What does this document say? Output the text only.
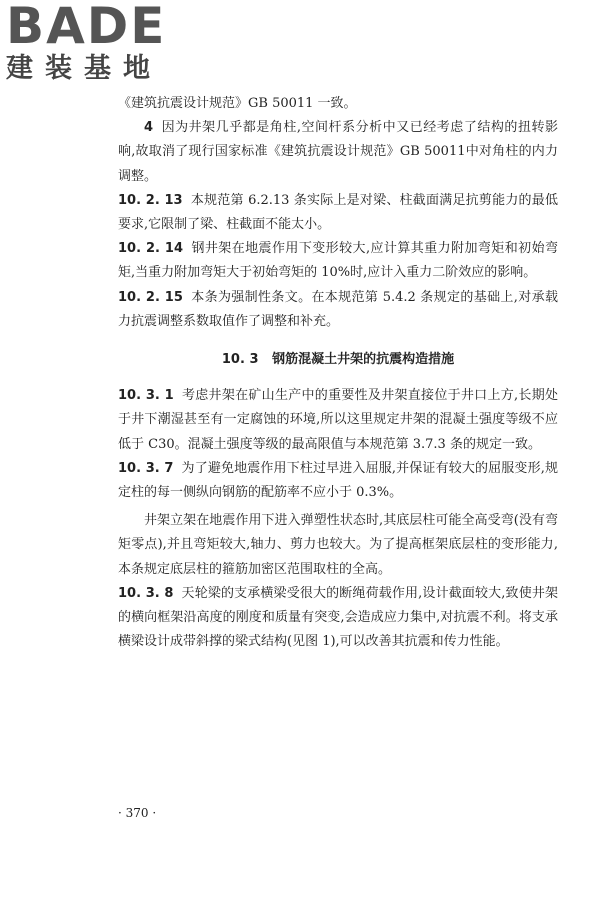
BADE
建装基地

《建筑抗震设计规范》GB 50011 一致。

4 因为井架几乎都是角柱,空间杆系分析中又已经考虑了结构的扭转影响,故取消了现行国家标准《建筑抗震设计规范》GB 50011中对角柱的内力调整。

10. 2. 13 本规范第 6.2.13 条实际上是对梁、柱截面满足抗剪能力的最低要求,它限制了梁、柱截面不能太小。

10. 2. 14 钢井架在地震作用下变形较大,应计算其重力附加弯矩和初始弯矩,当重力附加弯矩大于初始弯矩的 10%时,应计入重力二阶效应的影响。

10. 2. 15 本条为强制性条文。在本规范第 5.4.2 条规定的基础上,对承载力抗震调整系数取值作了调整和补充。

10. 3 钢筋混凝土井架的抗震构造措施

10. 3. 1 考虑井架在矿山生产中的重要性及井架直接位于井口上方,长期处于井下潮湿甚至有一定腐蚀的环境,所以这里规定井架的混凝土强度等级不应低于 C30。混凝土强度等级的最高限值与本规范第 3.7.3 条的规定一致。

10. 3. 7 为了避免地震作用下柱过早进入屈服,并保证有较大的屈服变形,规定柱的每一侧纵向钢筋的配筋率不应小于 0.3%。

井架立架在地震作用下进入弹塑性状态时,其底层柱可能全高受弯(没有弯矩零点),并且弯矩较大,轴力、剪力也较大。为了提高框架底层柱的变形能力,本条规定底层柱的箍筋加密区范围取柱的全高。

10. 3. 8 天轮梁的支承横梁受很大的断绳荷载作用,设计截面较大,致使井架的横向框架沿高度的刚度和质量有突变,会造成应力集中,对抗震不利。将支承横梁设计成带斜撑的梁式结构(见图 1),可以改善其抗震和传力性能。

· 370 ·
